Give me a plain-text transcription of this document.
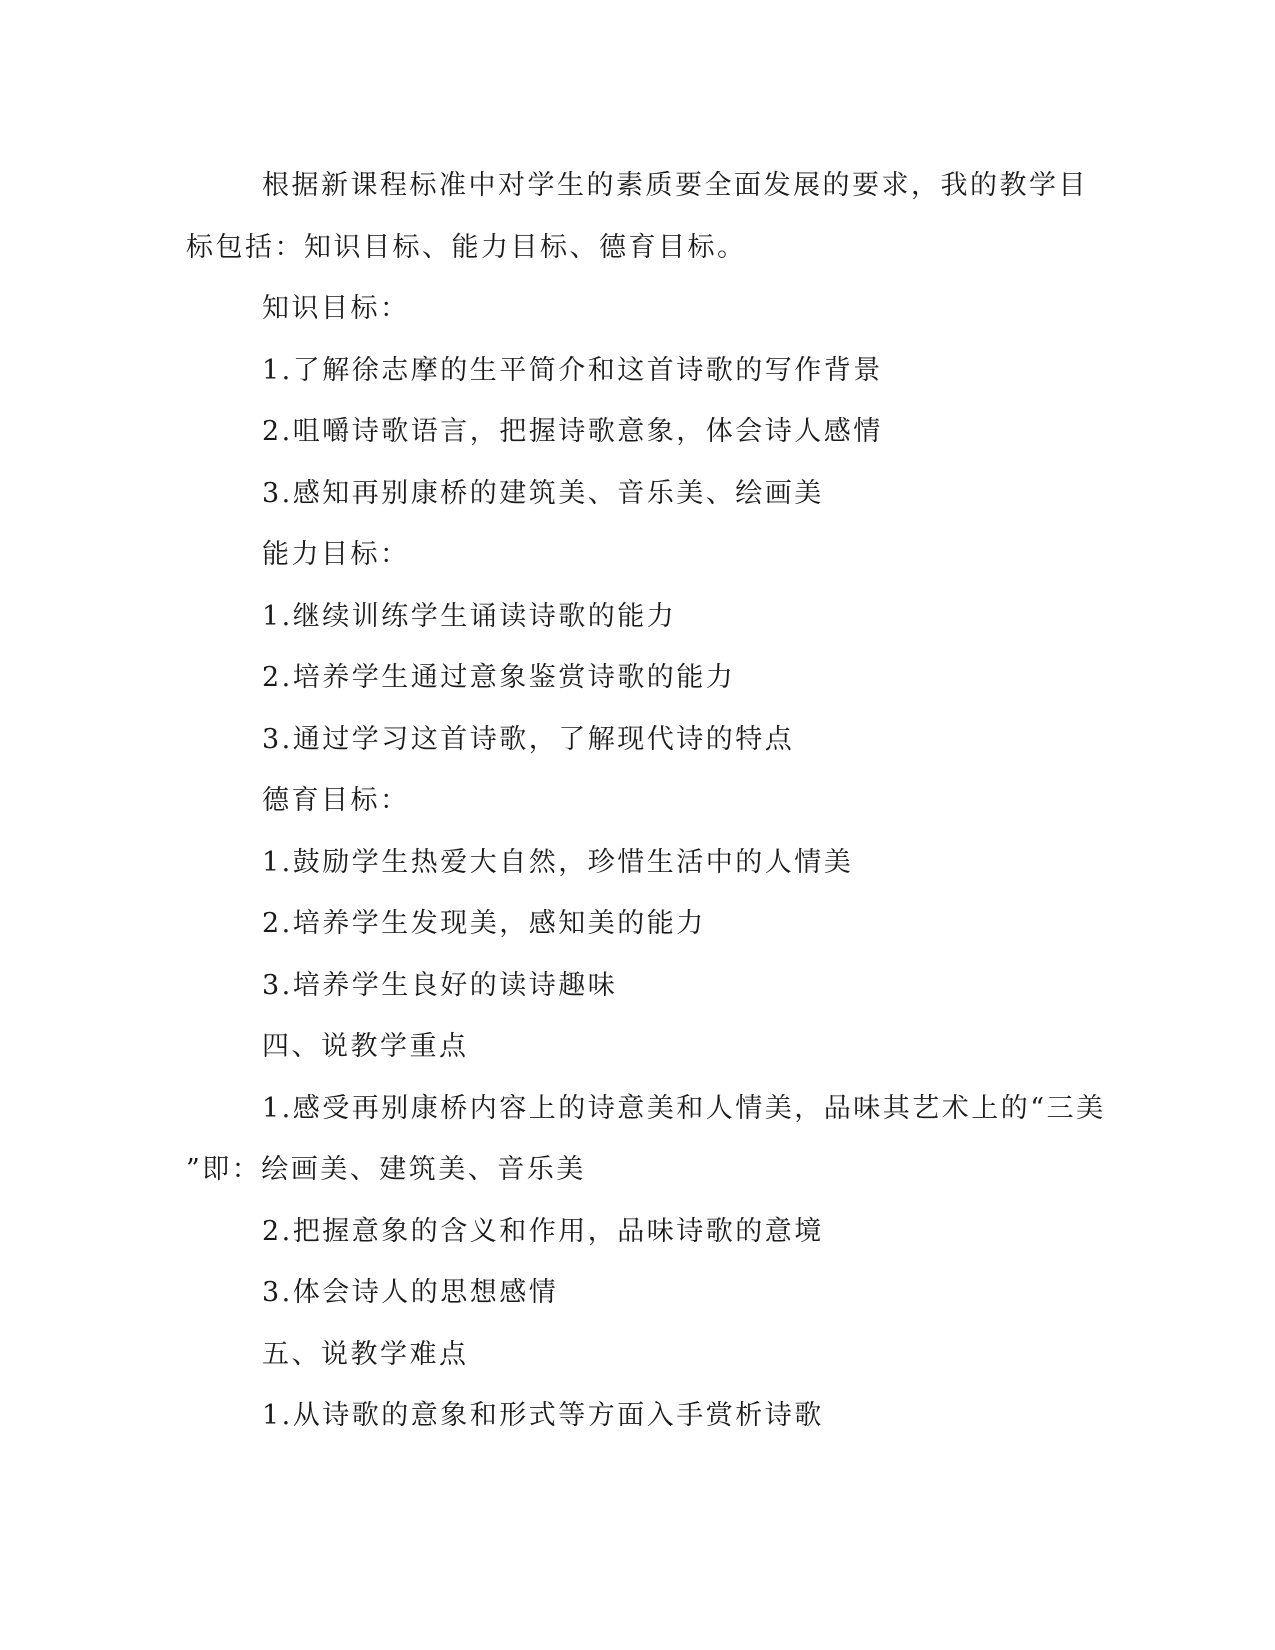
根据新课程标准中对学生的素质要全面发展的要求，我的教学目
标包括：知识目标、能力目标、德育目标。
知识目标：
1.了解徐志摩的生平简介和这首诗歌的写作背景
2.咀嚼诗歌语言，把握诗歌意象，体会诗人感情
3.感知再别康桥的建筑美、音乐美、绘画美
能力目标：
1.继续训练学生诵读诗歌的能力
2.培养学生通过意象鉴赏诗歌的能力
3.通过学习这首诗歌，了解现代诗的特点
德育目标：
1.鼓励学生热爱大自然，珍惜生活中的人情美
2.培养学生发现美，感知美的能力
3.培养学生良好的读诗趣味
四、说教学重点
1.感受再别康桥内容上的诗意美和人情美，品味其艺术上的“三美
”即：绘画美、建筑美、音乐美
2.把握意象的含义和作用，品味诗歌的意境
3.体会诗人的思想感情
五、说教学难点
1.从诗歌的意象和形式等方面入手赏析诗歌
